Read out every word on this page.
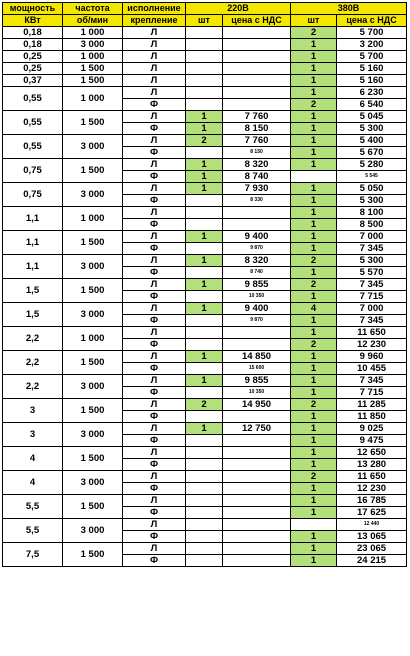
мощность	частота	исполнение	220В		380В	
КВт	об/мин	крепление	шт	цена с НДС	шт	цена с НДС
0,18	1 000	Л			2	5 700
0,18	3 000	Л			1	3 200
0,25	1 000	Л			1	5 700
0,25	1 500	Л			1	5 160
0,37	1 500	Л			1	5 160
0,55	1 000	Л			1	6 230
		Ф			2	6 540
0,55	1 500	Л	1	7 760	1	5 045
		Ф	1	8 150	1	5 300
0,55	3 000	Л	2	7 760	1	5 400
		Ф		8 150	1	5 670
0,75	1 500	Л	1	8 320	1	5 280
		Ф	1	8 740		5 545
0,75	3 000	Л	1	7 930	1	5 050
		Ф		8 330	1	5 300
1,1	1 000	Л			1	8 100
		Ф			1	8 500
1,1	1 500	Л	1	9 400	1	7 000
		Ф		9 870	1	7 345
1,1	3 000	Л	1	8 320	2	5 300
		Ф		8 740	1	5 570
1,5	1 500	Л	1	9 855	2	7 345
		Ф		10 350	1	7 715
1,5	3 000	Л	1	9 400	4	7 000
		Ф		9 870	1	7 345
2,2	1 000	Л			1	11 650
		Ф			2	12 230
2,2	1 500	Л	1	14 850	1	9 960
		Ф		15 600	1	10 455
2,2	3 000	Л	1	9 855	1	7 345
		Ф		10 350	1	7 715
3	1 500	Л	2	14 950	2	11 285
		Ф			1	11 850
3	3 000	Л	1	12 750	1	9 025
		Ф			1	9 475
4	1 500	Л			1	12 650
		Ф			1	13 280
4	3 000	Л			2	11 650
		Ф			1	12 230
5,5	1 500	Л			1	16 785
		Ф			1	17 625
5,5	3 000	Л				12 440
		Ф			1	13 065
7,5	1 500	Л			1	23 065
		Ф			1	24 215
